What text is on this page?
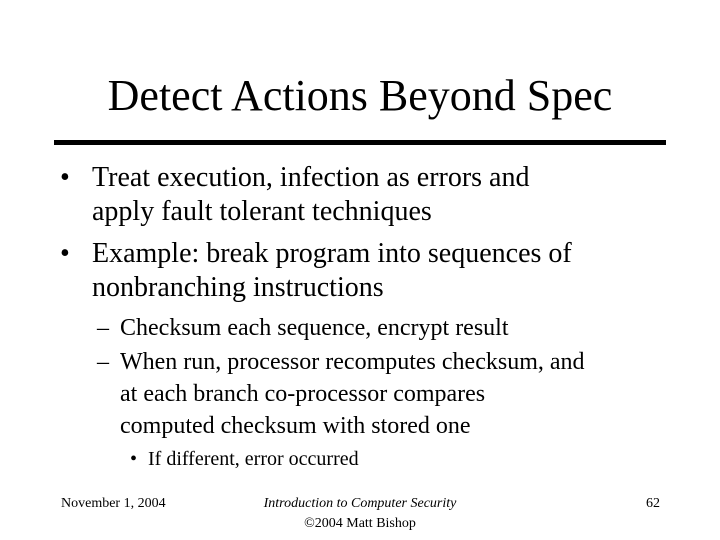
Detect Actions Beyond Spec
• Treat execution, infection as errors and
apply fault tolerant techniques
• Example: break program into sequences of
nonbranching instructions
– Checksum each sequence, encrypt result
– When run, processor recomputes checksum, and
at each branch co-processor compares
computed checksum with stored one
• If different, error occurred
November 1, 2004	Introduction to Computer Security
©2004 Matt Bishop
62
